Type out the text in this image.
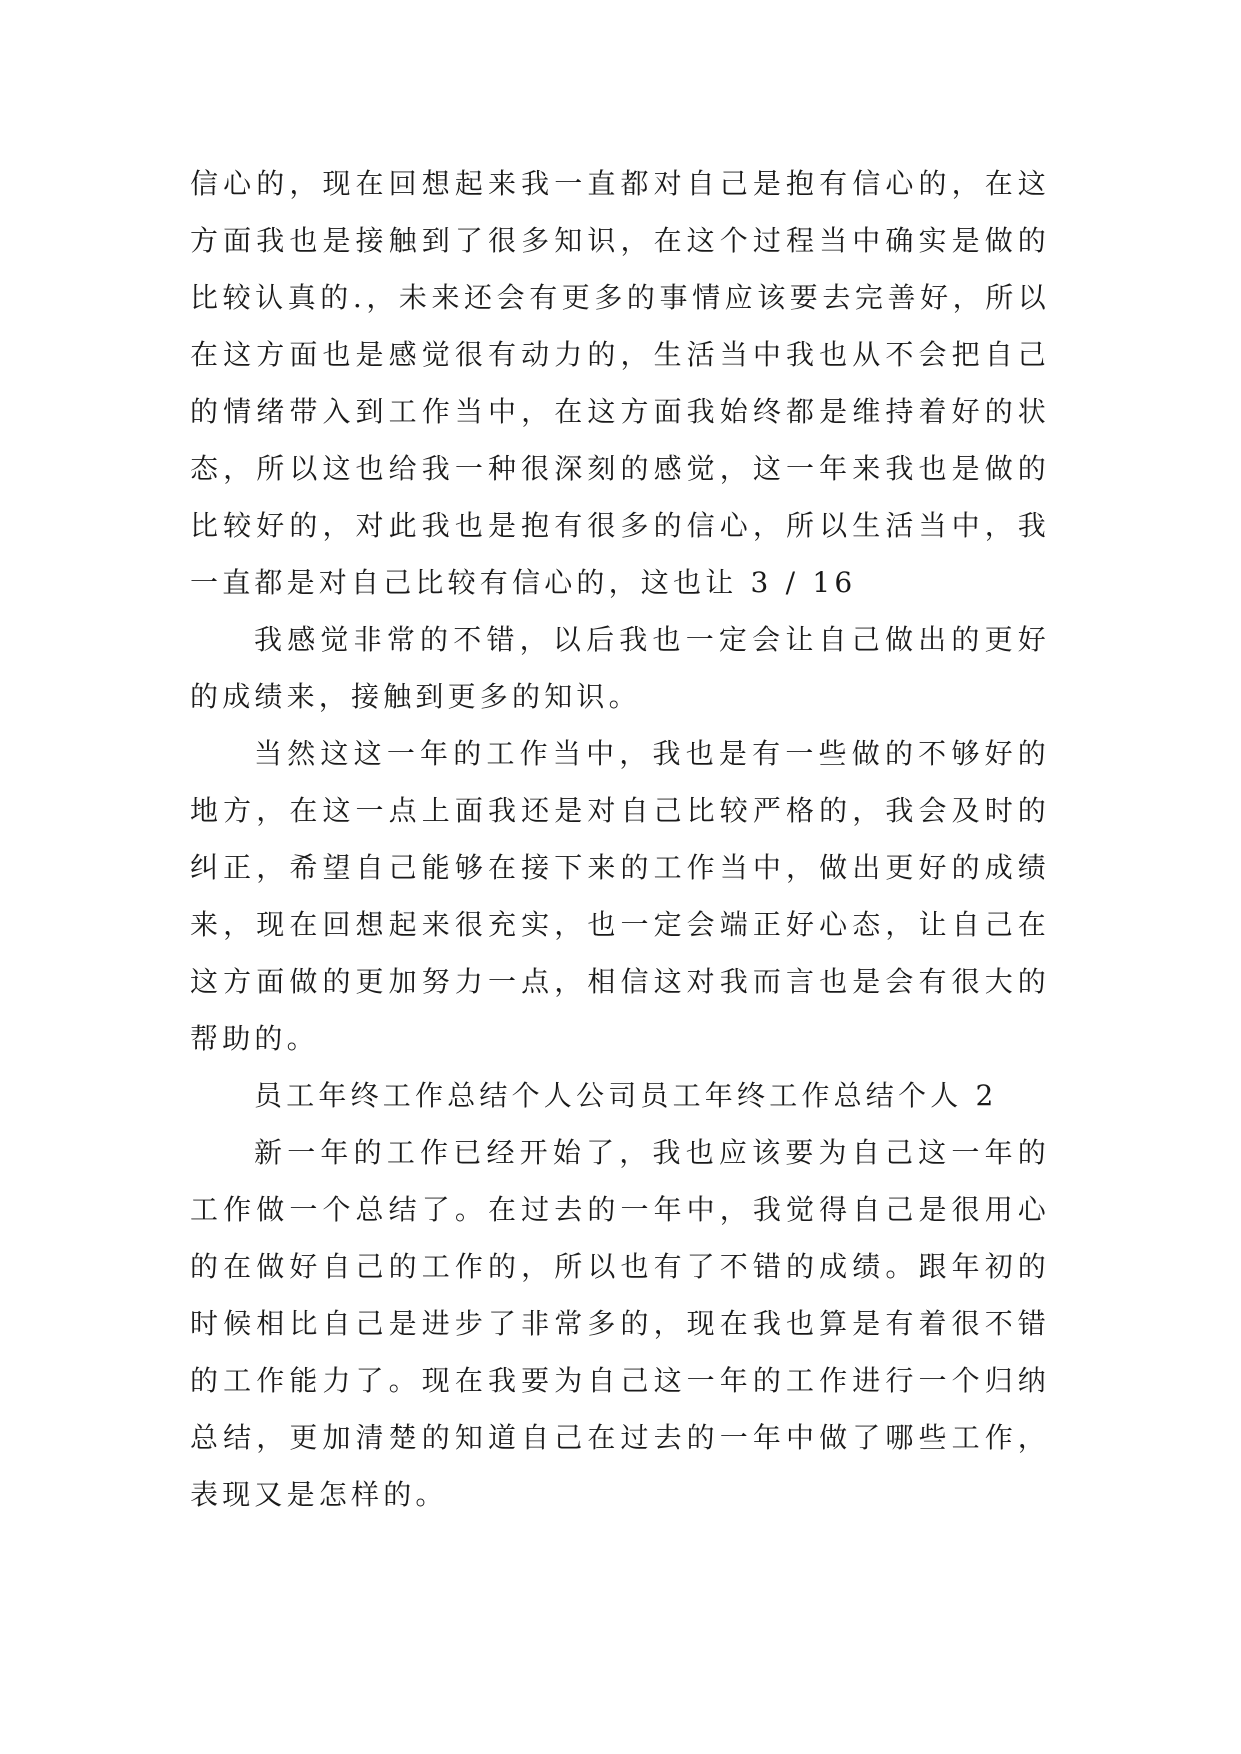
信心的，现在回想起来我一直都对自己是抱有信心的，在这方面我也是接触到了很多知识，在这个过程当中确实是做的比较认真的.，未来还会有更多的事情应该要去完善好，所以在这方面也是感觉很有动力的，生活当中我也从不会把自己的情绪带入到工作当中，在这方面我始终都是维持着好的状态，所以这也给我一种很深刻的感觉，这一年来我也是做的比较好的，对此我也是抱有很多的信心，所以生活当中，我一直都是对自己比较有信心的，这也让 3 / 16

我感觉非常的不错，以后我也一定会让自己做出的更好的成绩来，接触到更多的知识。

当然这这一年的工作当中，我也是有一些做的不够好的地方，在这一点上面我还是对自己比较严格的，我会及时的纠正，希望自己能够在接下来的工作当中，做出更好的成绩来，现在回想起来很充实，也一定会端正好心态，让自己在这方面做的更加努力一点，相信这对我而言也是会有很大的帮助的。

员工年终工作总结个人公司员工年终工作总结个人 2

新一年的工作已经开始了，我也应该要为自己这一年的工作做一个总结了。在过去的一年中，我觉得自己是很用心的在做好自己的工作的，所以也有了不错的成绩。跟年初的时候相比自己是进步了非常多的，现在我也算是有着很不错的工作能力了。现在我要为自己这一年的工作进行一个归纳总结，更加清楚的知道自己在过去的一年中做了哪些工作，表现又是怎样的。
